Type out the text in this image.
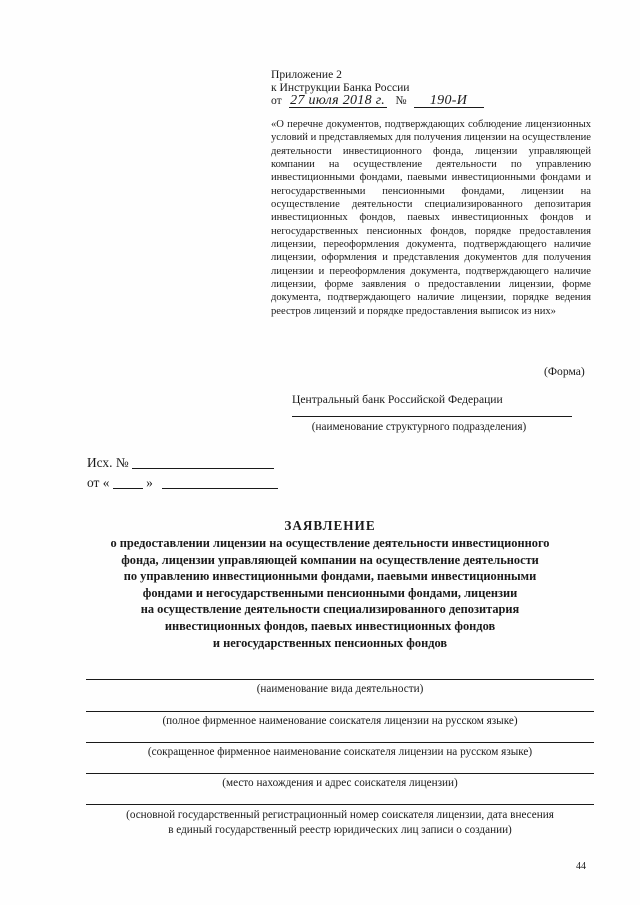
Приложение 2
к Инструкции Банка России
от 27 июля 2018 г. № 190-И
«О перечне документов, подтверждающих соблюдение лицензионных условий и представляемых для получения лицензии на осуществление деятельности инвестиционного фонда, лицензии управляющей компании на осуществление деятельности по управлению инвестиционными фондами, паевыми инвестиционными фондами и негосударственными пенсионными фондами, лицензии на осуществление деятельности специализированного депозитария инвестиционных фондов, паевых инвестиционных фондов и негосударственных пенсионных фондов, порядке предоставления лицензии, переоформления документа, подтверждающего наличие лицензии, оформления и представления документов для получения лицензии и переоформления документа, подтверждающего наличие лицензии, форме заявления о предоставлении лицензии, форме документа, подтверждающего наличие лицензии, порядке ведения реестров лицензий и порядке предоставления выписок из них»
(Форма)
Центральный банк Российской Федерации
(наименование структурного подразделения)
Исх. №
от «	»
ЗАЯВЛЕНИЕ
о предоставлении лицензии на осуществление деятельности инвестиционного
фонда, лицензии управляющей компании на осуществление деятельности
по управлению инвестиционными фондами, паевыми инвестиционными
фондами и негосударственными пенсионными фондами, лицензии
на осуществление деятельности специализированного депозитария
инвестиционных фондов, паевых инвестиционных фондов
и негосударственных пенсионных фондов
(наименование вида деятельности)
(полное фирменное наименование соискателя лицензии на русском языке)
(сокращенное фирменное наименование соискателя лицензии на русском языке)
(место нахождения и адрес соискателя лицензии)
(основной государственный регистрационный номер соискателя лицензии, дата внесения
в единый государственный реестр юридических лиц записи о создании)
44
